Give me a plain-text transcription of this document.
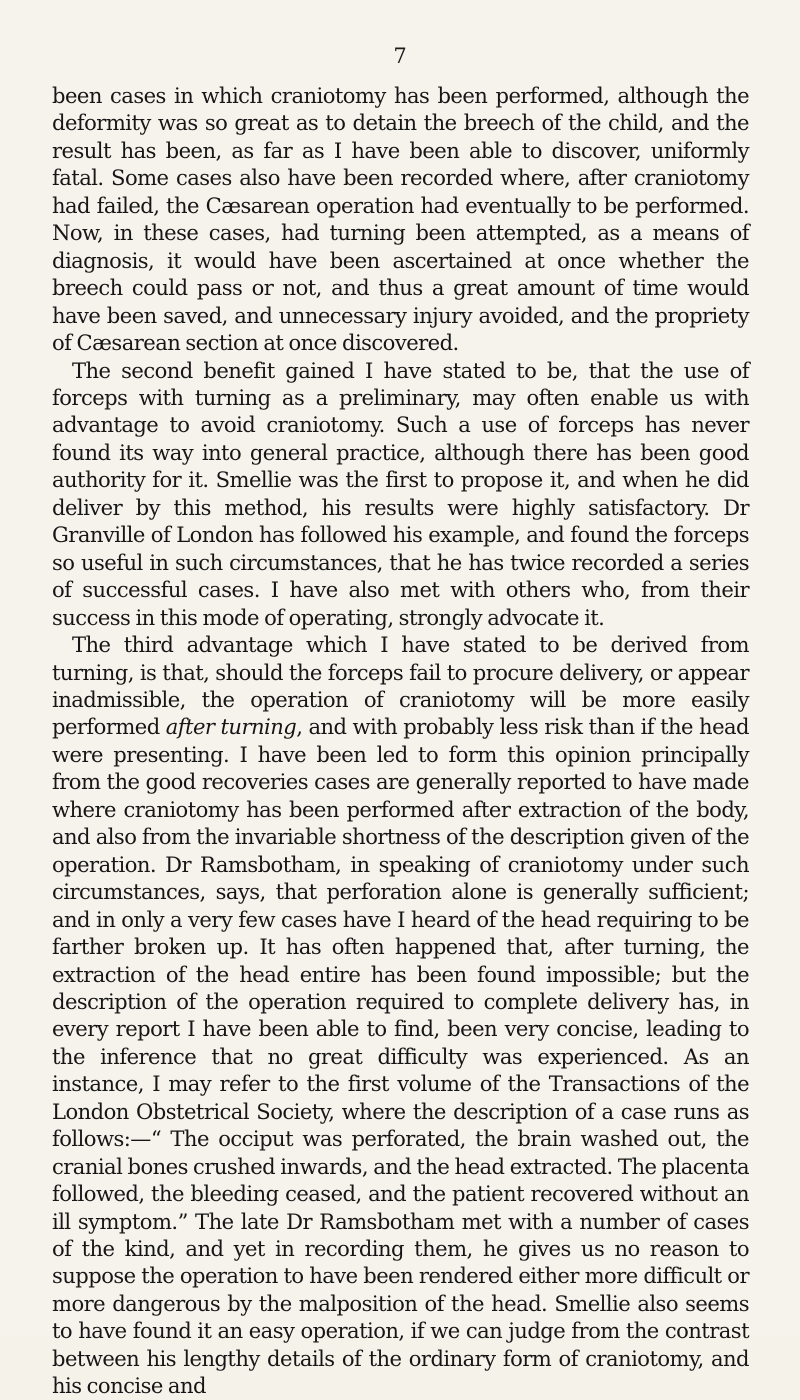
7

been cases in which craniotomy has been performed, although the deformity was so great as to detain the breech of the child, and the result has been, as far as I have been able to discover, uniformly fatal. Some cases also have been recorded where, after craniotomy had failed, the Cæsarean operation had eventually to be performed. Now, in these cases, had turning been attempted, as a means of diagnosis, it would have been ascertained at once whether the breech could pass or not, and thus a great amount of time would have been saved, and unnecessary injury avoided, and the propriety of Cæsarean section at once discovered.

The second benefit gained I have stated to be, that the use of forceps with turning as a preliminary, may often enable us with advantage to avoid craniotomy. Such a use of forceps has never found its way into general practice, although there has been good authority for it. Smellie was the first to propose it, and when he did deliver by this method, his results were highly satisfactory. Dr Granville of London has followed his example, and found the forceps so useful in such circumstances, that he has twice recorded a series of successful cases. I have also met with others who, from their success in this mode of operating, strongly advocate it.

The third advantage which I have stated to be derived from turning, is that, should the forceps fail to procure delivery, or appear inadmissible, the operation of craniotomy will be more easily performed after turning, and with probably less risk than if the head were presenting. I have been led to form this opinion principally from the good recoveries cases are generally reported to have made where craniotomy has been performed after extraction of the body, and also from the invariable shortness of the description given of the operation. Dr Ramsbotham, in speaking of craniotomy under such circumstances, says, that perforation alone is generally sufficient; and in only a very few cases have I heard of the head requiring to be farther broken up. It has often happened that, after turning, the extraction of the head entire has been found impossible; but the description of the operation required to complete delivery has, in every report I have been able to find, been very concise, leading to the inference that no great difficulty was experienced. As an instance, I may refer to the first volume of the Transactions of the London Obstetrical Society, where the description of a case runs as follows:—“ The occiput was perforated, the brain washed out, the cranial bones crushed inwards, and the head extracted. The placenta followed, the bleeding ceased, and the patient recovered without an ill symptom.” The late Dr Ramsbotham met with a number of cases of the kind, and yet in recording them, he gives us no reason to suppose the operation to have been rendered either more difficult or more dangerous by the malposition of the head. Smellie also seems to have found it an easy operation, if we can judge from the contrast between his lengthy details of the ordinary form of craniotomy, and his concise and
